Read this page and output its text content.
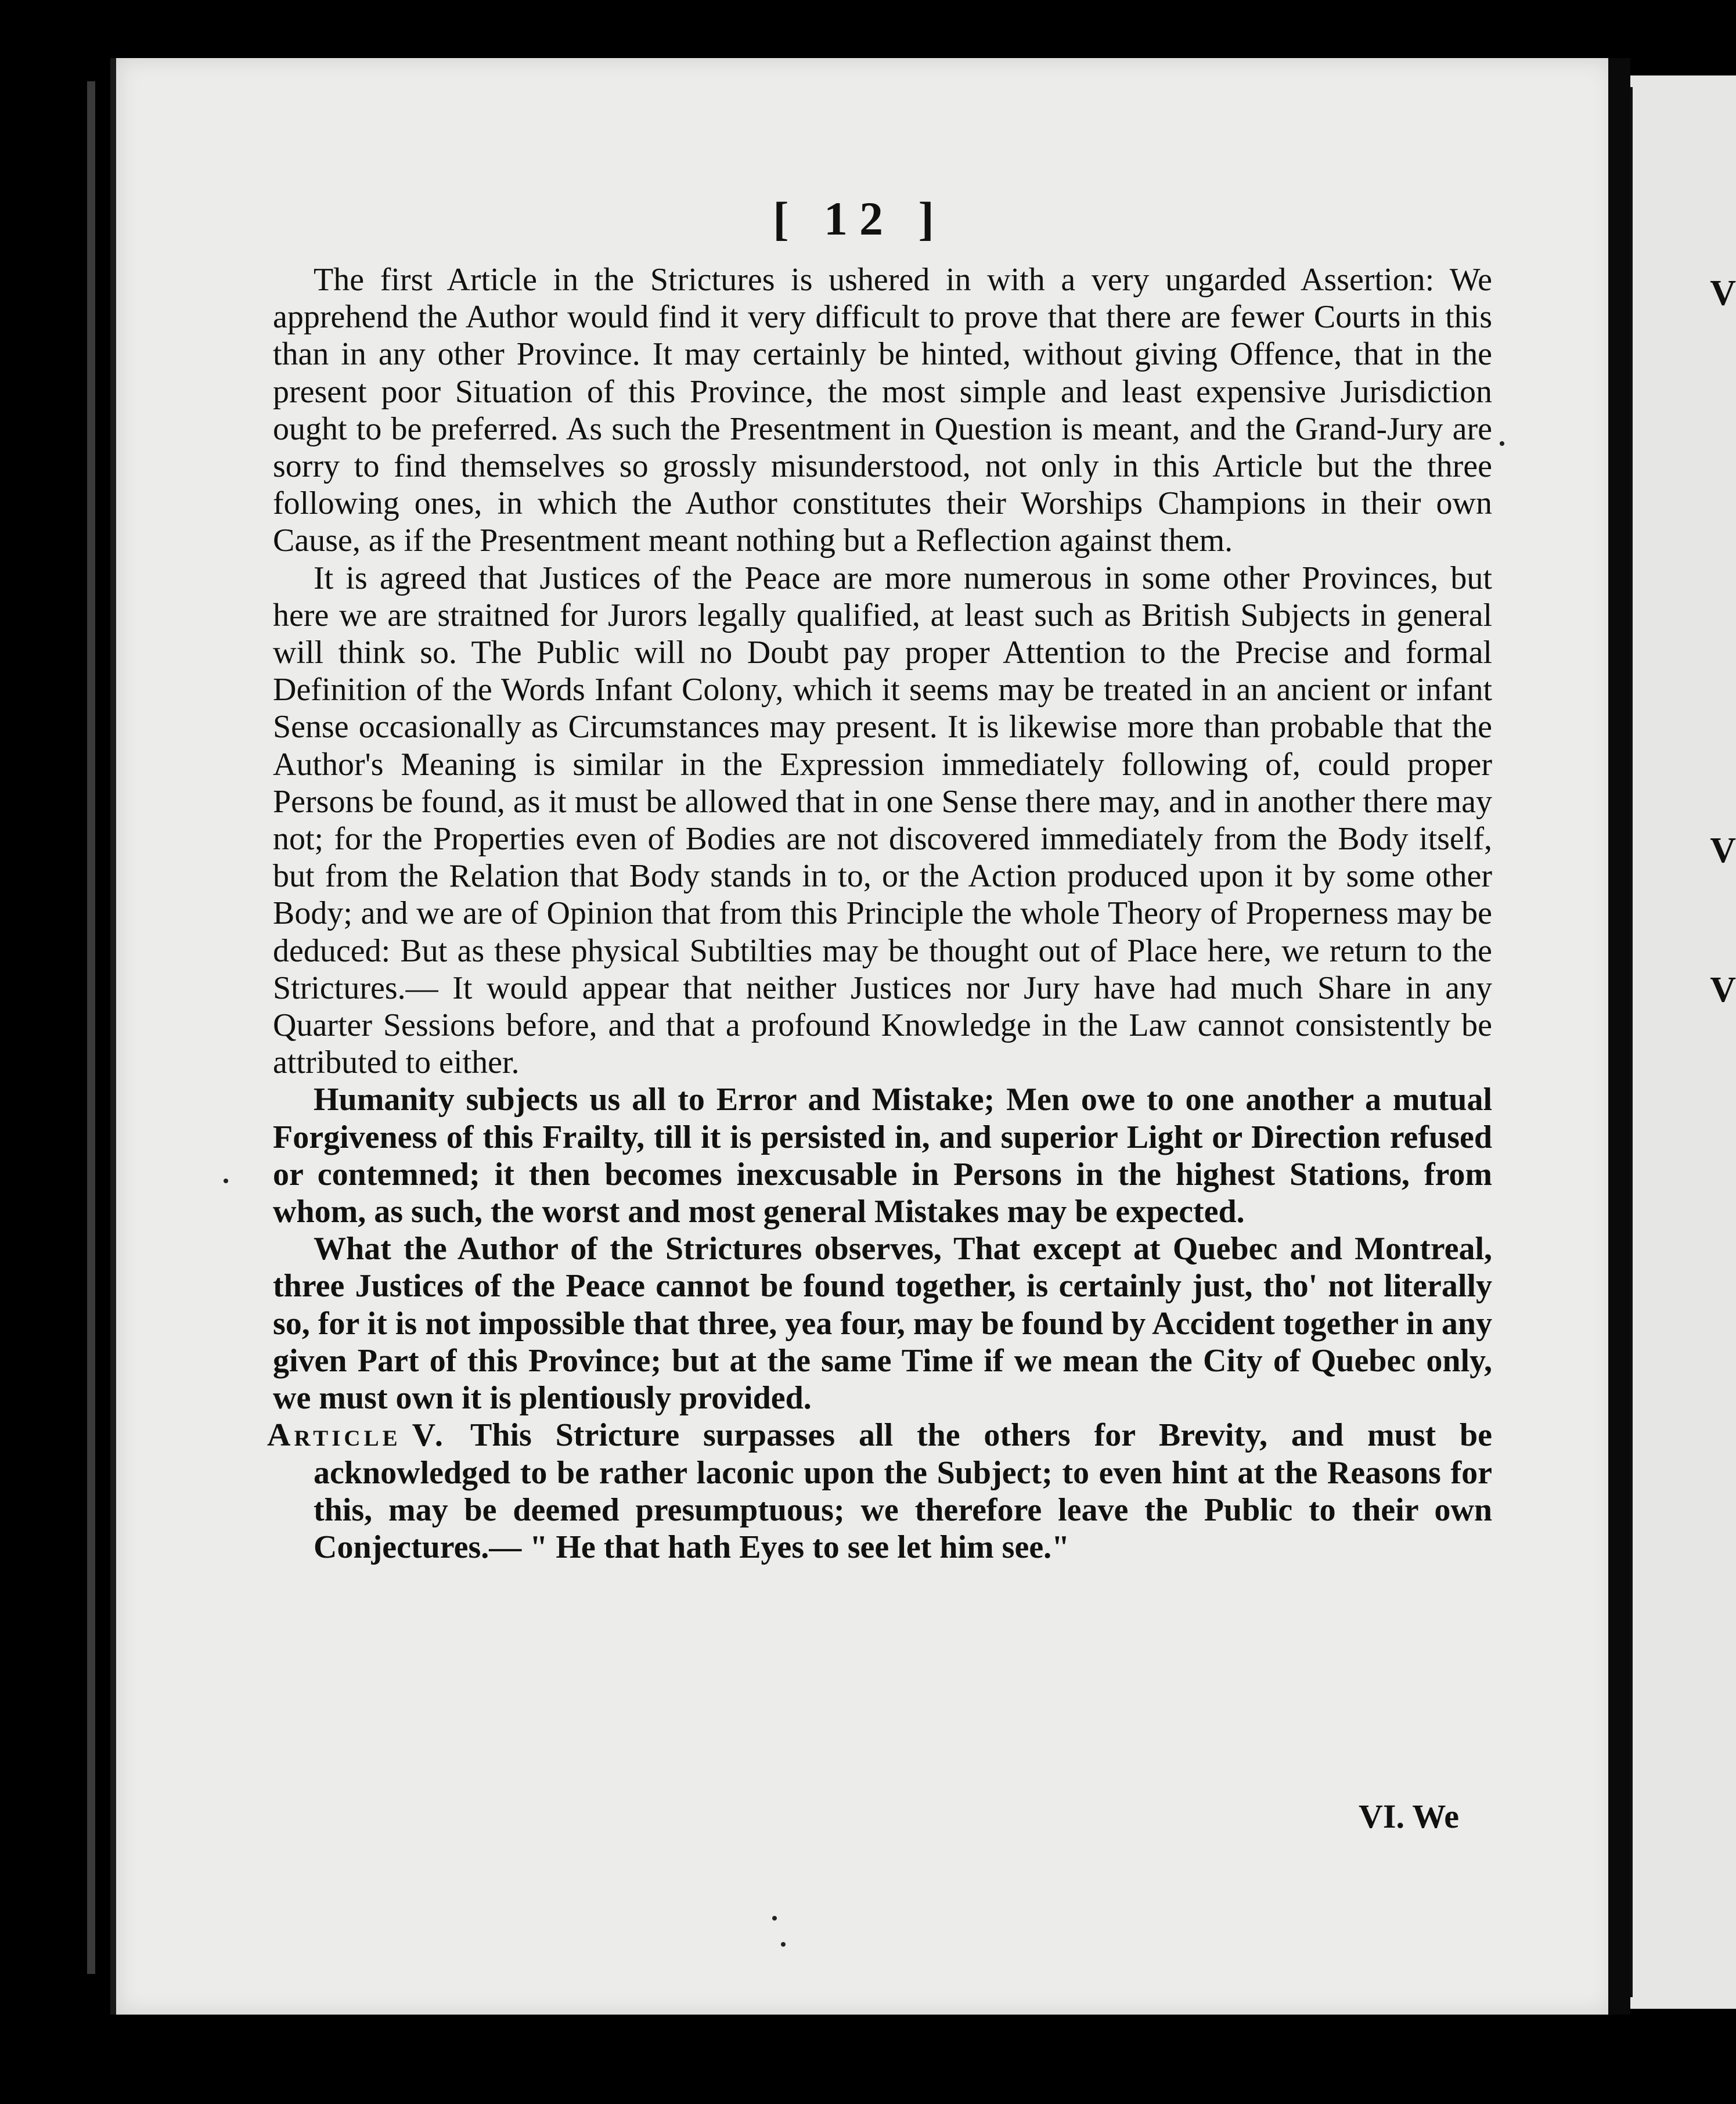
V
V
V
[ 12 ]

The first Article in the Strictures is ushered in with a very ungarded Assertion: We apprehend the Author would find it very difficult to prove that there are fewer Courts in this than in any other Province. It may certainly be hinted, without giving Offence, that in the present poor Situation of this Province, the most simple and least expensive Jurisdiction ought to be preferred. As such the Presentment in Question is meant, and the Grand-Jury are sorry to find themselves so grossly misunderstood, not only in this Article but the three following ones, in which the Author constitutes their Worships Champions in their own Cause, as if the Presentment meant nothing but a Reflection against them.

It is agreed that Justices of the Peace are more numerous in some other Provinces, but here we are straitned for Jurors legally qualified, at least such as British Subjects in general will think so. The Public will no Doubt pay proper Attention to the Precise and formal Definition of the Words Infant Colony, which it seems may be treated in an ancient or infant Sense occasionally as Circumstances may present. It is likewise more than probable that the Author's Meaning is similar in the Expression immediately following of, could proper Persons be found, as it must be allowed that in one Sense there may, and in another there may not; for the Properties even of Bodies are not discovered immediately from the Body itself, but from the Relation that Body stands in to, or the Action produced upon it by some other Body; and we are of Opinion that from this Principle the whole Theory of Properness may be deduced: But as these physical Subtilties may be thought out of Place here, we return to the Strictures.— It would appear that neither Justices nor Jury have had much Share in any Quarter Sessions before, and that a profound Knowledge in the Law cannot consistently be attributed to either.

Humanity subjects us all to Error and Mistake; Men owe to one another a mutual Forgiveness of this Frailty, till it is persisted in, and superior Light or Direction refused or contemned; it then becomes inexcusable in Persons in the highest Stations, from whom, as such, the worst and most general Mistakes may be expected.

What the Author of the Strictures observes, That except at Quebec and Montreal, three Justices of the Peace cannot be found together, is certainly just, tho' not literally so, for it is not impossible that three, yea four, may be found by Accident together in any given Part of this Province; but at the same Time if we mean the City of Quebec only, we must own it is plentiously provided.

Article V. This Stricture surpasses all the others for Brevity, and must be acknowledged to be rather laconic upon the Subject; to even hint at the Reasons for this, may be deemed presumptuous; we therefore leave the Public to their own Conjectures.— " He that hath Eyes to see let him see."

VI. We
